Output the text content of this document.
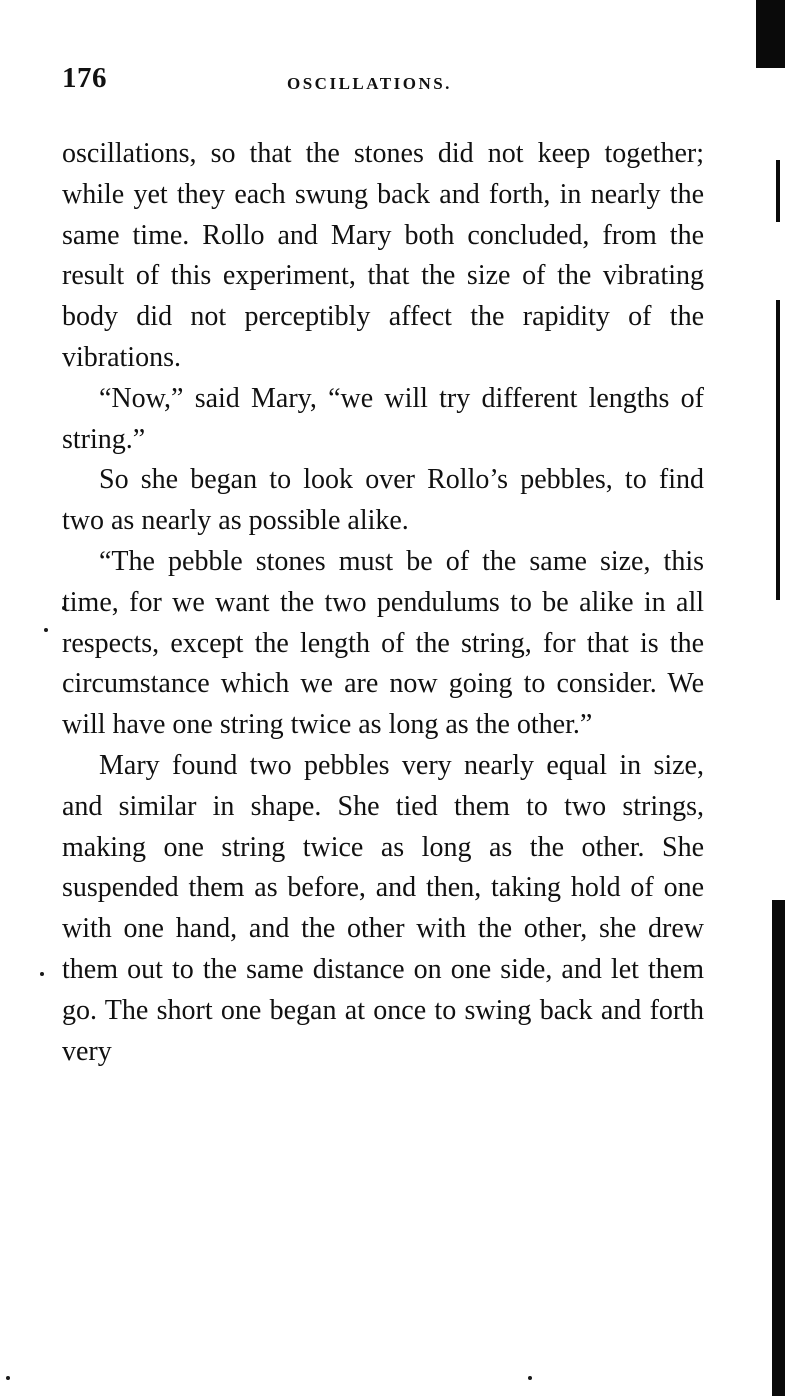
176	OSCILLATIONS.

oscillations, so that the stones did not keep together; while yet they each swung back and forth, in nearly the same time. Rollo and Mary both concluded, from the result of this experiment, that the size of the vibrating body did not perceptibly affect the rapidity of the vibrations.

“Now,” said Mary, “we will try different lengths of string.”

So she began to look over Rollo’s pebbles, to find two as nearly as possible alike.

“The pebble stones must be of the same size, this time, for we want the two pendulums to be alike in all respects, except the length of the string, for that is the circumstance which we are now going to consider. We will have one string twice as long as the other.”

Mary found two pebbles very nearly equal in size, and similar in shape. She tied them to two strings, making one string twice as long as the other. She suspended them as before, and then, taking hold of one with one hand, and the other with the other, she drew them out to the same distance on one side, and let them go. The short one began at once to swing back and forth very
